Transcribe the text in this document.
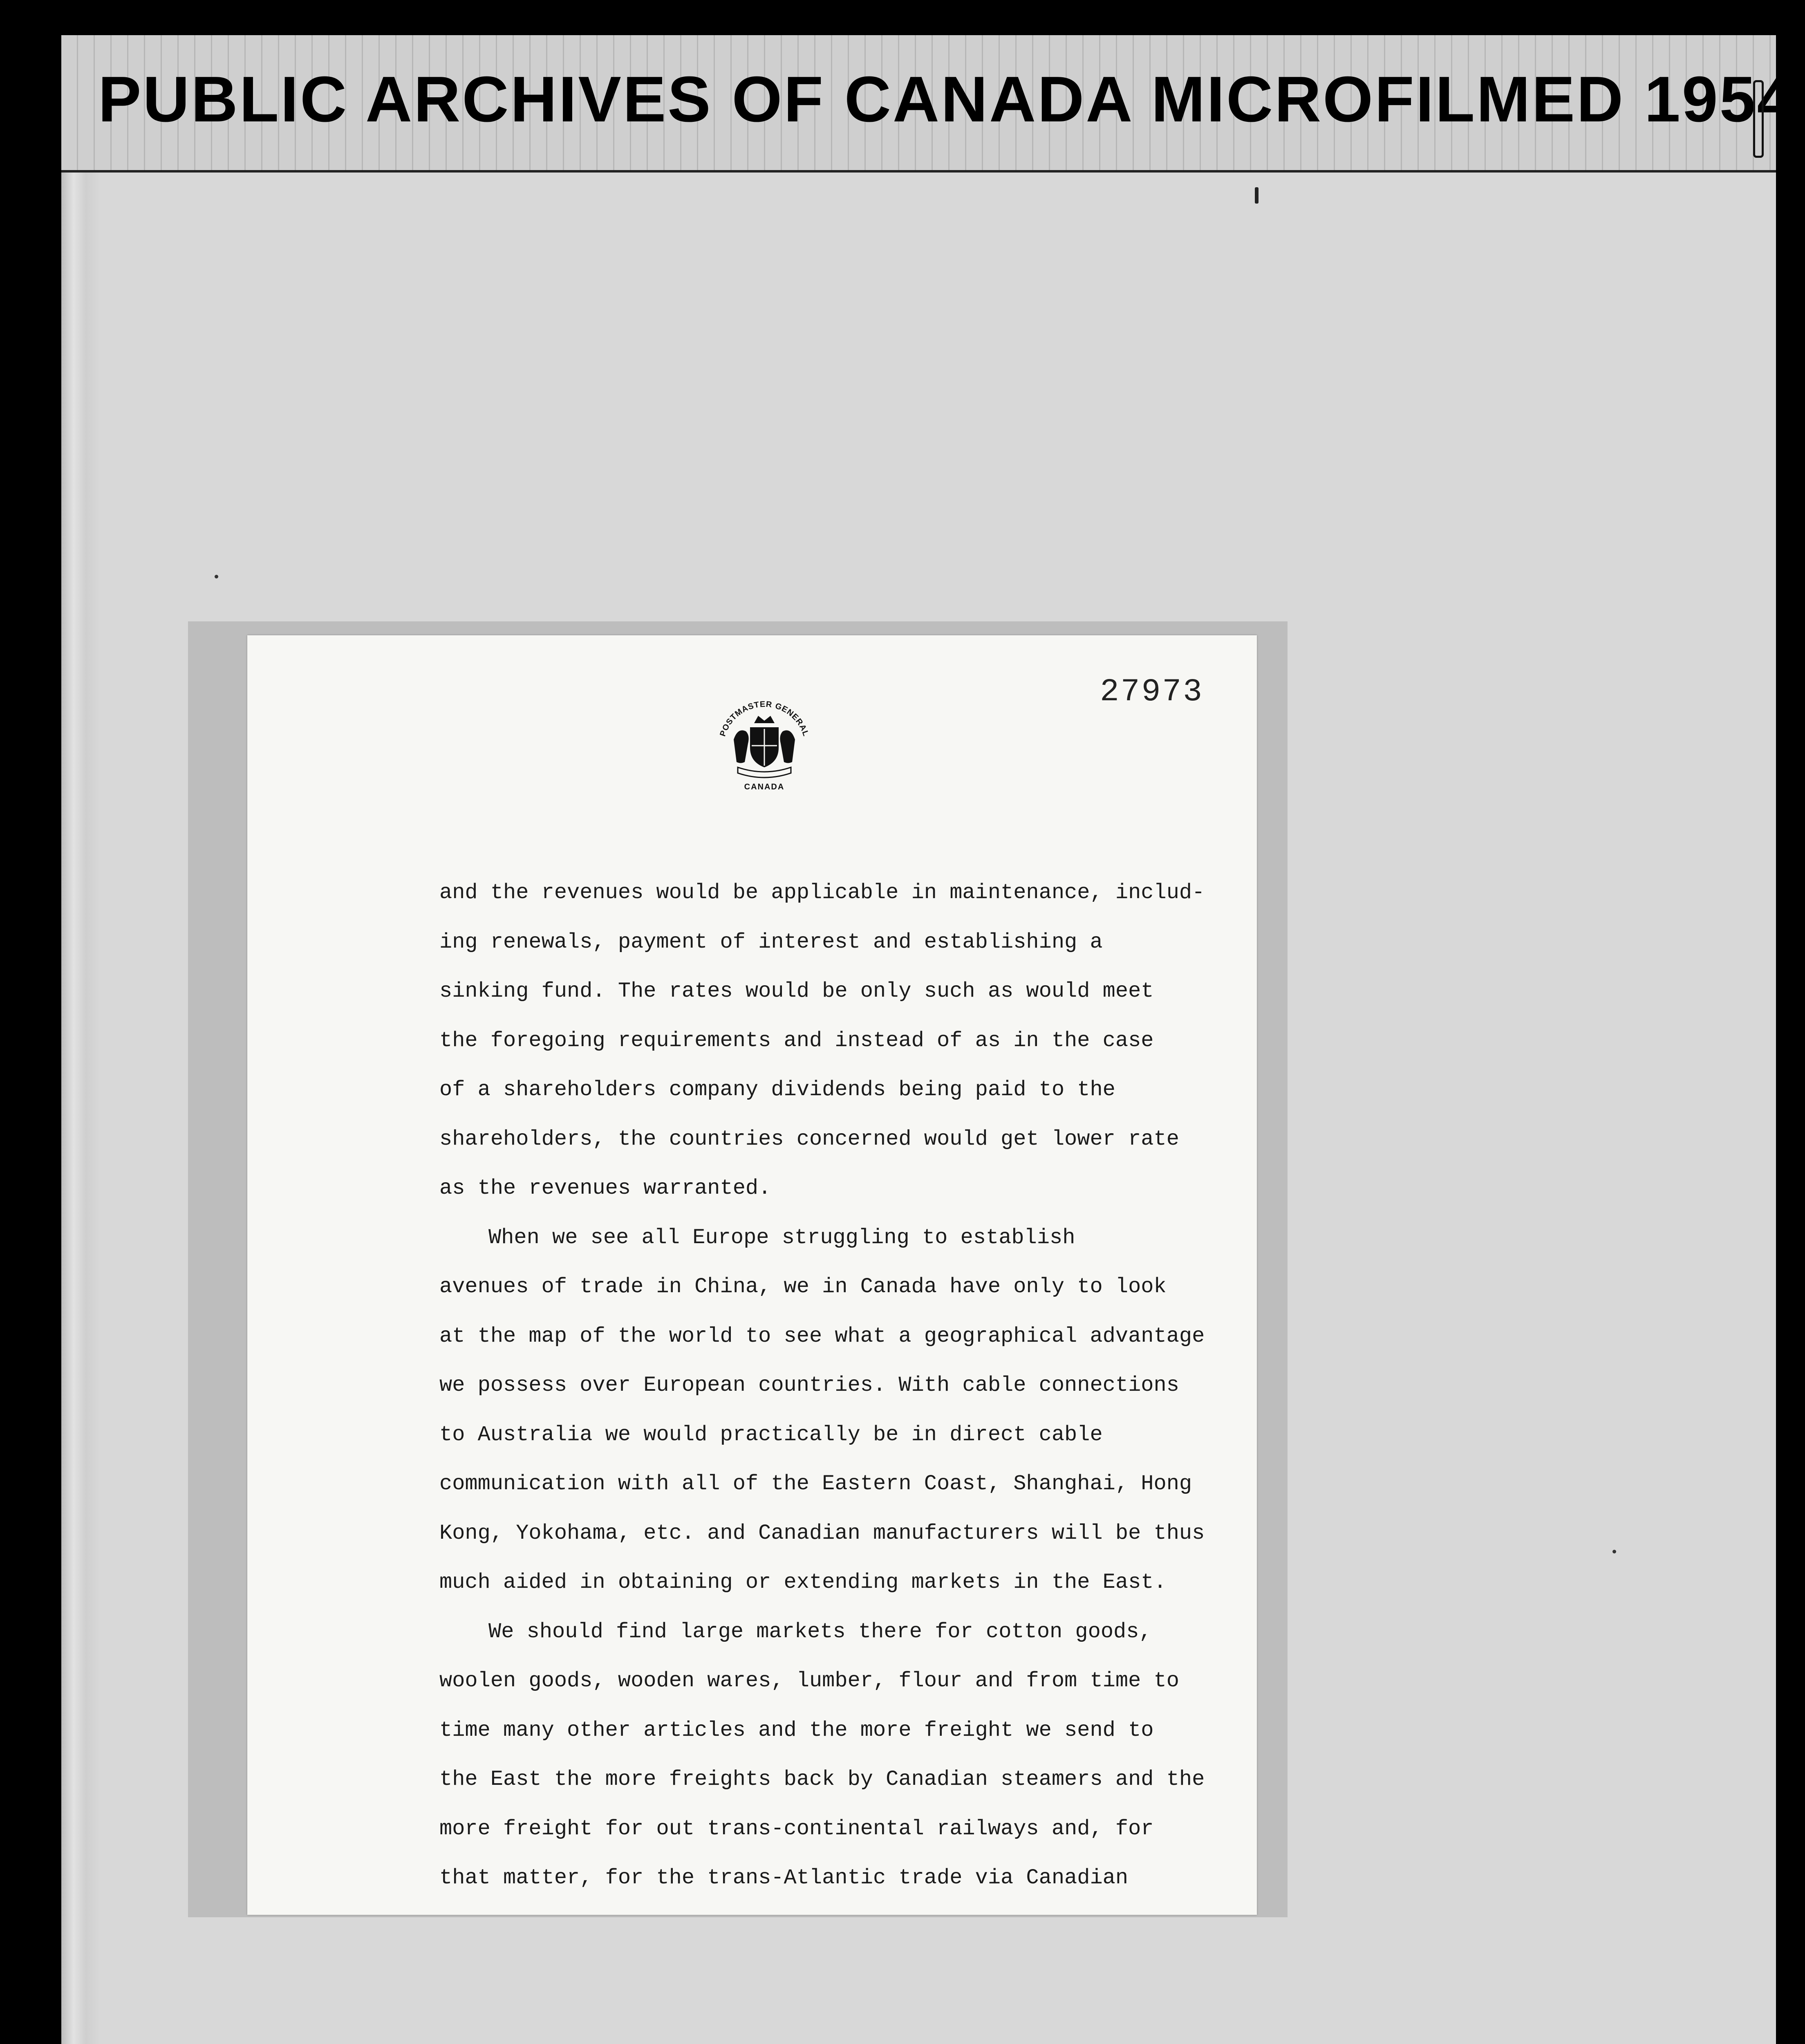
PUBLIC ARCHIVES OF CANADA MICROFILMED 1954
27973
POSTMASTER GENERAL
CANADA
and the revenues would be applicable in maintenance, includ-
ing renewals, payment of interest and establishing a
sinking fund. The rates would be only such as would meet
the foregoing requirements and instead of as in the case
of a shareholders company dividends being paid to the
shareholders, the countries concerned would get lower rate
as the revenues warranted.
When we see all Europe struggling to establish
avenues of trade in China, we in Canada have only to look
at the map of the world to see what a geographical advantage
we possess over European countries. With cable connections
to Australia we would practically be in direct cable
communication with all of the Eastern Coast, Shanghai, Hong
Kong, Yokohama, etc. and Canadian manufacturers will be thus
much aided in obtaining or extending markets in the East.
We should find large markets there for cotton goods,
woolen goods, wooden wares, lumber, flour and from time to
time many other articles and the more freight we send to
the East the more freights back by Canadian steamers and the
more freight for out trans-continental railways and, for
that matter, for the trans-Atlantic trade via Canadian
